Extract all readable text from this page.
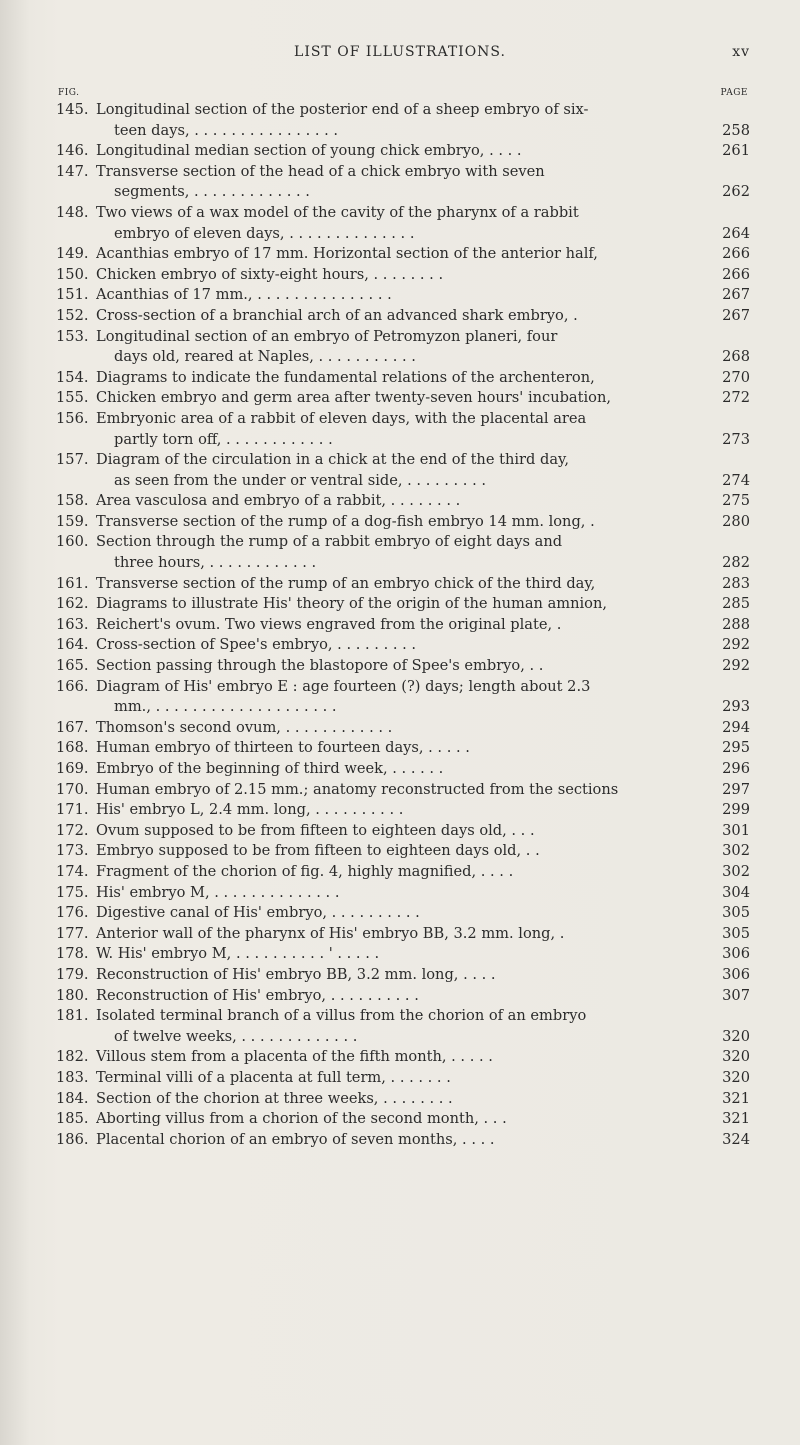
LIST OF ILLUSTRATIONS.	xv
FIG.	PAGE
145. Longitudinal section of the posterior end of a sheep embryo of six-
teen days, . . . . . . . . . . . . . . . .	258
146. Longitudinal median section of young chick embryo, . . . .	261
147. Transverse section of the head of a chick embryo with seven
segments, . . . . . . . . . . . . .	262
148. Two views of a wax model of the cavity of the pharynx of a rabbit
embryo of eleven days, . . . . . . . . . . . . . .	264
149. Acanthias embryo of 17 mm. Horizontal section of the anterior half,	266
150. Chicken embryo of sixty-eight hours, . . . . . . . .	266
151. Acanthias of 17 mm., . . . . . . . . . . . . . . .	267
152. Cross-section of a branchial arch of an advanced shark embryo, .	267
153. Longitudinal section of an embryo of Petromyzon planeri, four
days old, reared at Naples, . . . . . . . . . . .	268
154. Diagrams to indicate the fundamental relations of the archenteron,	270
155. Chicken embryo and germ area after twenty-seven hours' incubation,	272
156. Embryonic area of a rabbit of eleven days, with the placental area
partly torn off, . . . . . . . . . . . .	273
157. Diagram of the circulation in a chick at the end of the third day,
as seen from the under or ventral side, . . . . . . . . .	274
158. Area vasculosa and embryo of a rabbit, . . . . . . . .	275
159. Transverse section of the rump of a dog-fish embryo 14 mm. long, .	280
160. Section through the rump of a rabbit embryo of eight days and
three hours, . . . . . . . . . . . .	282
161. Transverse section of the rump of an embryo chick of the third day,	283
162. Diagrams to illustrate His' theory of the origin of the human amnion,	285
163. Reichert's ovum. Two views engraved from the original plate, .	288
164. Cross-section of Spee's embryo, . . . . . . . . .	292
165. Section passing through the blastopore of Spee's embryo, . .	292
166. Diagram of His' embryo E : age fourteen (?) days; length about 2.3
mm., . . . . . . . . . . . . . . . . . . . .	293
167. Thomson's second ovum, . . . . . . . . . . . .	294
168. Human embryo of thirteen to fourteen days, . . . . .	295
169. Embryo of the beginning of third week, . . . . . .	296
170. Human embryo of 2.15 mm.; anatomy reconstructed from the sections	297
171. His' embryo L, 2.4 mm. long, . . . . . . . . . .	299
172. Ovum supposed to be from fifteen to eighteen days old, . . .	301
173. Embryo supposed to be from fifteen to eighteen days old, . .	302
174. Fragment of the chorion of fig. 4, highly magnified, . . . .	302
175. His' embryo M, . . . . . . . . . . . . . .	304
176. Digestive canal of His' embryo, . . . . . . . . . .	305
177. Anterior wall of the pharynx of His' embryo BB, 3.2 mm. long, .	305
178. W. His' embryo M, . . . . . . . . . . ' . . . . .	306
179. Reconstruction of His' embryo BB, 3.2 mm. long, . . . .	306
180. Reconstruction of His' embryo, . . . . . . . . . .	307
181. Isolated terminal branch of a villus from the chorion of an embryo
of twelve weeks, . . . . . . . . . . . . .	320
182. Villous stem from a placenta of the fifth month, . . . . .	320
183. Terminal villi of a placenta at full term, . . . . . . .	320
184. Section of the chorion at three weeks, . . . . . . . .	321
185. Aborting villus from a chorion of the second month, . . .	321
186. Placental chorion of an embryo of seven months, . . . .	324
